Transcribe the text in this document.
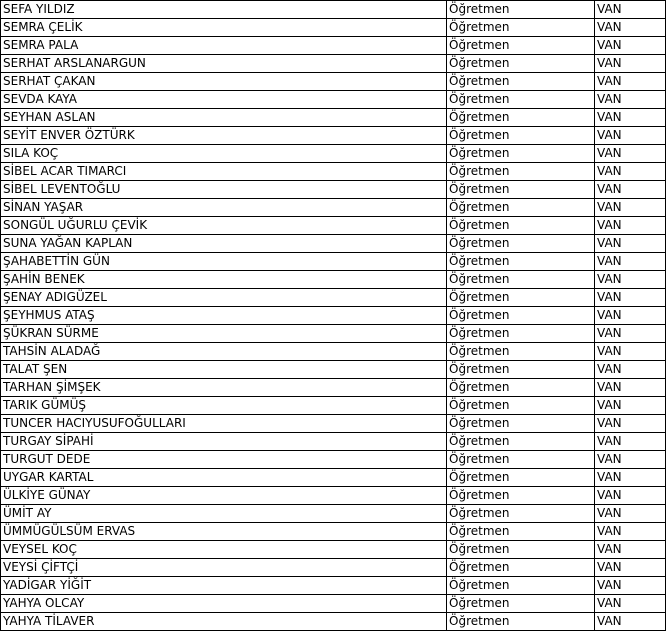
SEFA YILDIZ	Öğretmen	VAN
SEMRA ÇELİK	Öğretmen	VAN
SEMRA PALA	Öğretmen	VAN
SERHAT ARSLANARGUN	Öğretmen	VAN
SERHAT ÇAKAN	Öğretmen	VAN
SEVDA KAYA	Öğretmen	VAN
SEYHAN ASLAN	Öğretmen	VAN
SEYİT ENVER ÖZTÜRK	Öğretmen	VAN
SILA KOÇ	Öğretmen	VAN
SİBEL ACAR TIMARCI	Öğretmen	VAN
SİBEL LEVENTOĞLU	Öğretmen	VAN
SİNAN YAŞAR	Öğretmen	VAN
SONGÜL UĞURLU ÇEVİK	Öğretmen	VAN
SUNA YAĞAN KAPLAN	Öğretmen	VAN
ŞAHABETTİN GÜN	Öğretmen	VAN
ŞAHİN BENEK	Öğretmen	VAN
ŞENAY ADIGÜZEL	Öğretmen	VAN
ŞEYHMUS ATAŞ	Öğretmen	VAN
ŞÜKRAN SÜRME	Öğretmen	VAN
TAHSİN ALADAĞ	Öğretmen	VAN
TALAT ŞEN	Öğretmen	VAN
TARHAN ŞİMŞEK	Öğretmen	VAN
TARIK GÜMÜŞ	Öğretmen	VAN
TUNCER HACIYUSUFOĞULLARI	Öğretmen	VAN
TURGAY SİPAHİ	Öğretmen	VAN
TURGUT DEDE	Öğretmen	VAN
UYGAR KARTAL	Öğretmen	VAN
ÜLKİYE GÜNAY	Öğretmen	VAN
ÜMİT AY	Öğretmen	VAN
ÜMMÜGÜLSÜM ERVAS	Öğretmen	VAN
VEYSEL KOÇ	Öğretmen	VAN
VEYSİ ÇİFTÇİ	Öğretmen	VAN
YADİGAR YİĞİT	Öğretmen	VAN
YAHYA OLCAY	Öğretmen	VAN
YAHYA TİLAVER	Öğretmen	VAN
